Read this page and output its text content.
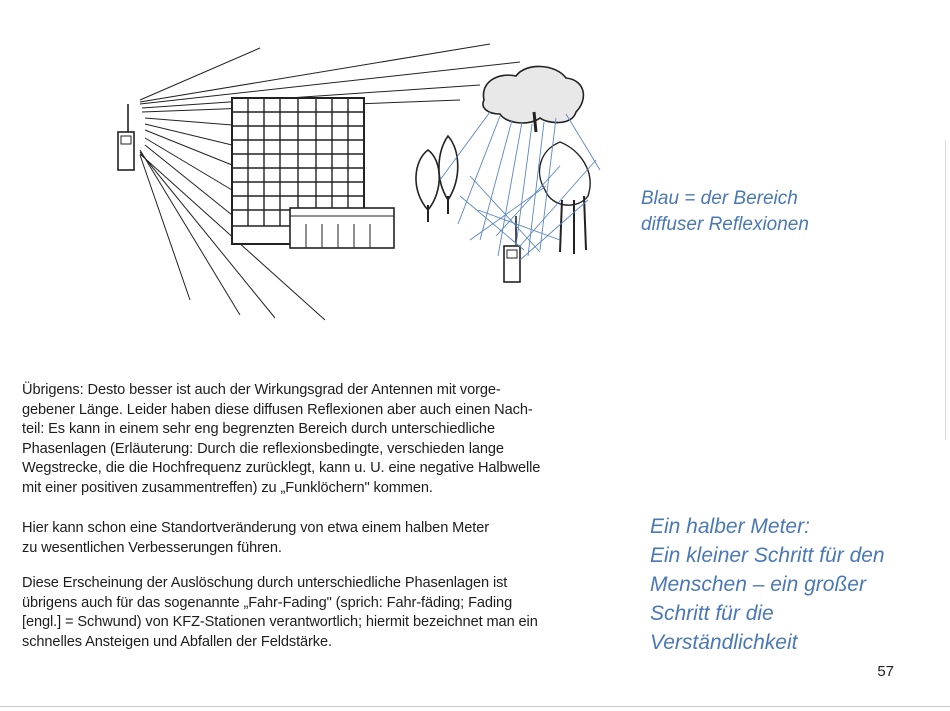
Blau = der Bereich
diffuser Reflexionen
Übrigens: Desto besser ist auch der Wirkungsgrad der Antennen mit vorge-
gebener Länge. Leider haben diese diffusen Reflexionen aber auch einen Nach-
teil: Es kann in einem sehr eng begrenzten Bereich durch unterschiedliche
Phasenlagen (Erläuterung: Durch die reflexionsbedingte, verschieden lange
Wegstrecke, die die Hochfrequenz zurücklegt, kann u. U. eine negative Halbwelle
mit einer positiven zusammentreffen) zu „Funklöchern" kommen.
Hier kann schon eine Standortveränderung von etwa einem halben Meter
zu wesentlichen Verbesserungen führen.
Diese Erscheinung der Auslöschung durch unterschiedliche Phasenlagen ist
übrigens auch für das sogenannte „Fahr-Fading" (sprich: Fahr-fäding; Fading
[engl.] = Schwund) von KFZ-Stationen verantwortlich; hiermit bezeichnet man ein
schnelles Ansteigen und Abfallen der Feldstärke.
Ein halber Meter:
Ein kleiner Schritt für den
Menschen – ein großer
Schritt für die
Verständlichkeit
57
